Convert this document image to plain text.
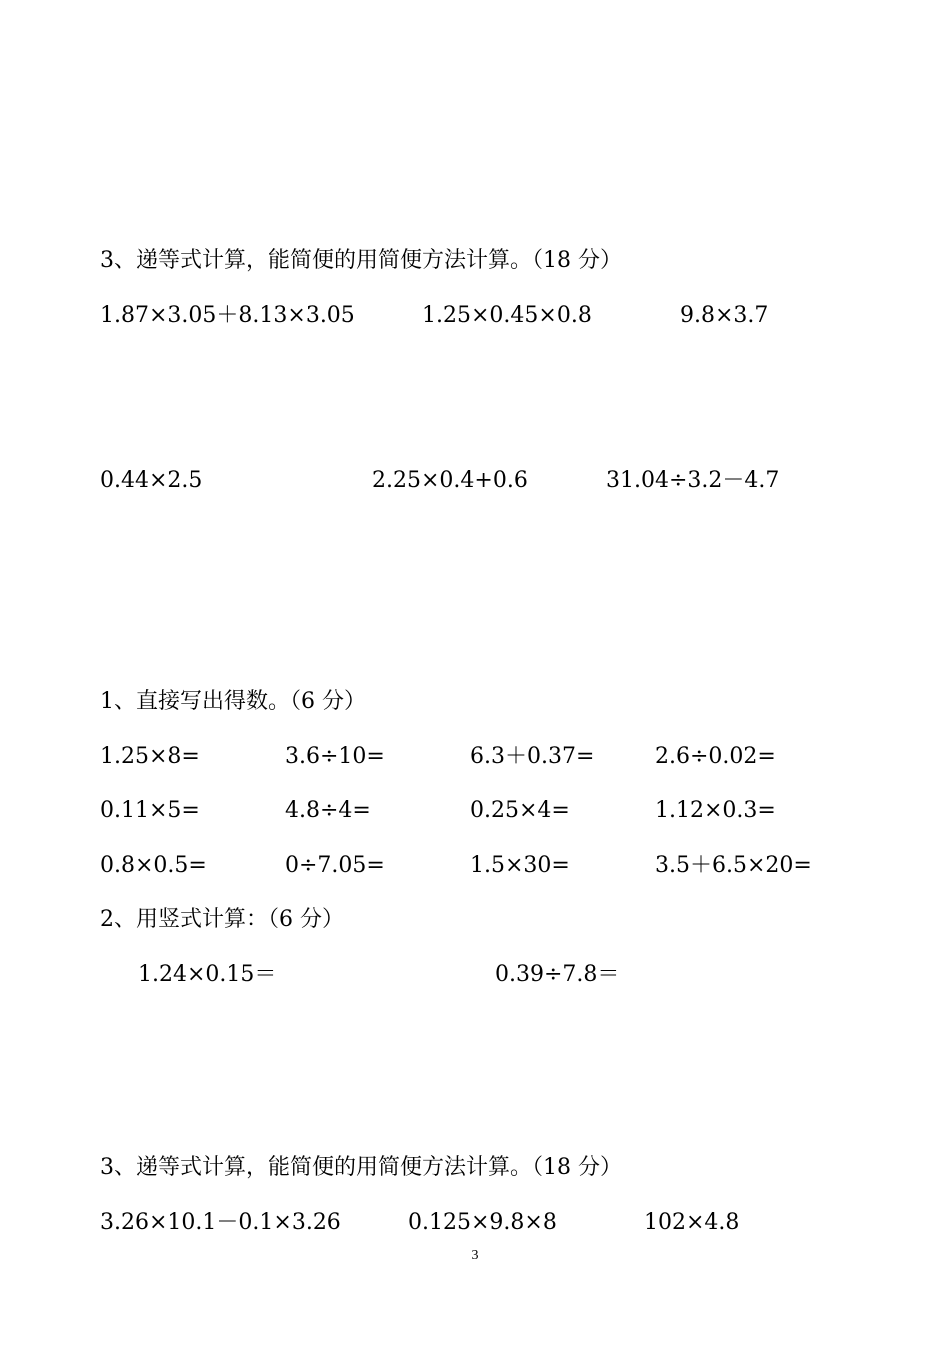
3、递等式计算，能简便的用简便方法计算。（18 分）
1.87×3.05＋8.13×3.05	1.25×0.45×0.8	9.8×3.7
0.44×2.5	2.25×0.4+0.6	31.04÷3.2－4.7
1、直接写出得数。（6 分）
1.25×8=	3.6÷10=	6.3＋0.37=	2.6÷0.02=
0.11×5=	4.8÷4=	0.25×4=	1.12×0.3=
0.8×0.5=	0÷7.05=	1.5×30=	3.5＋6.5×20=
2、用竖式计算：（6 分）
1.24×0.15＝	0.39÷7.8＝
3、递等式计算，能简便的用简便方法计算。（18 分）
3.26×10.1－0.1×3.26	0.125×9.8×8	102×4.8
3
